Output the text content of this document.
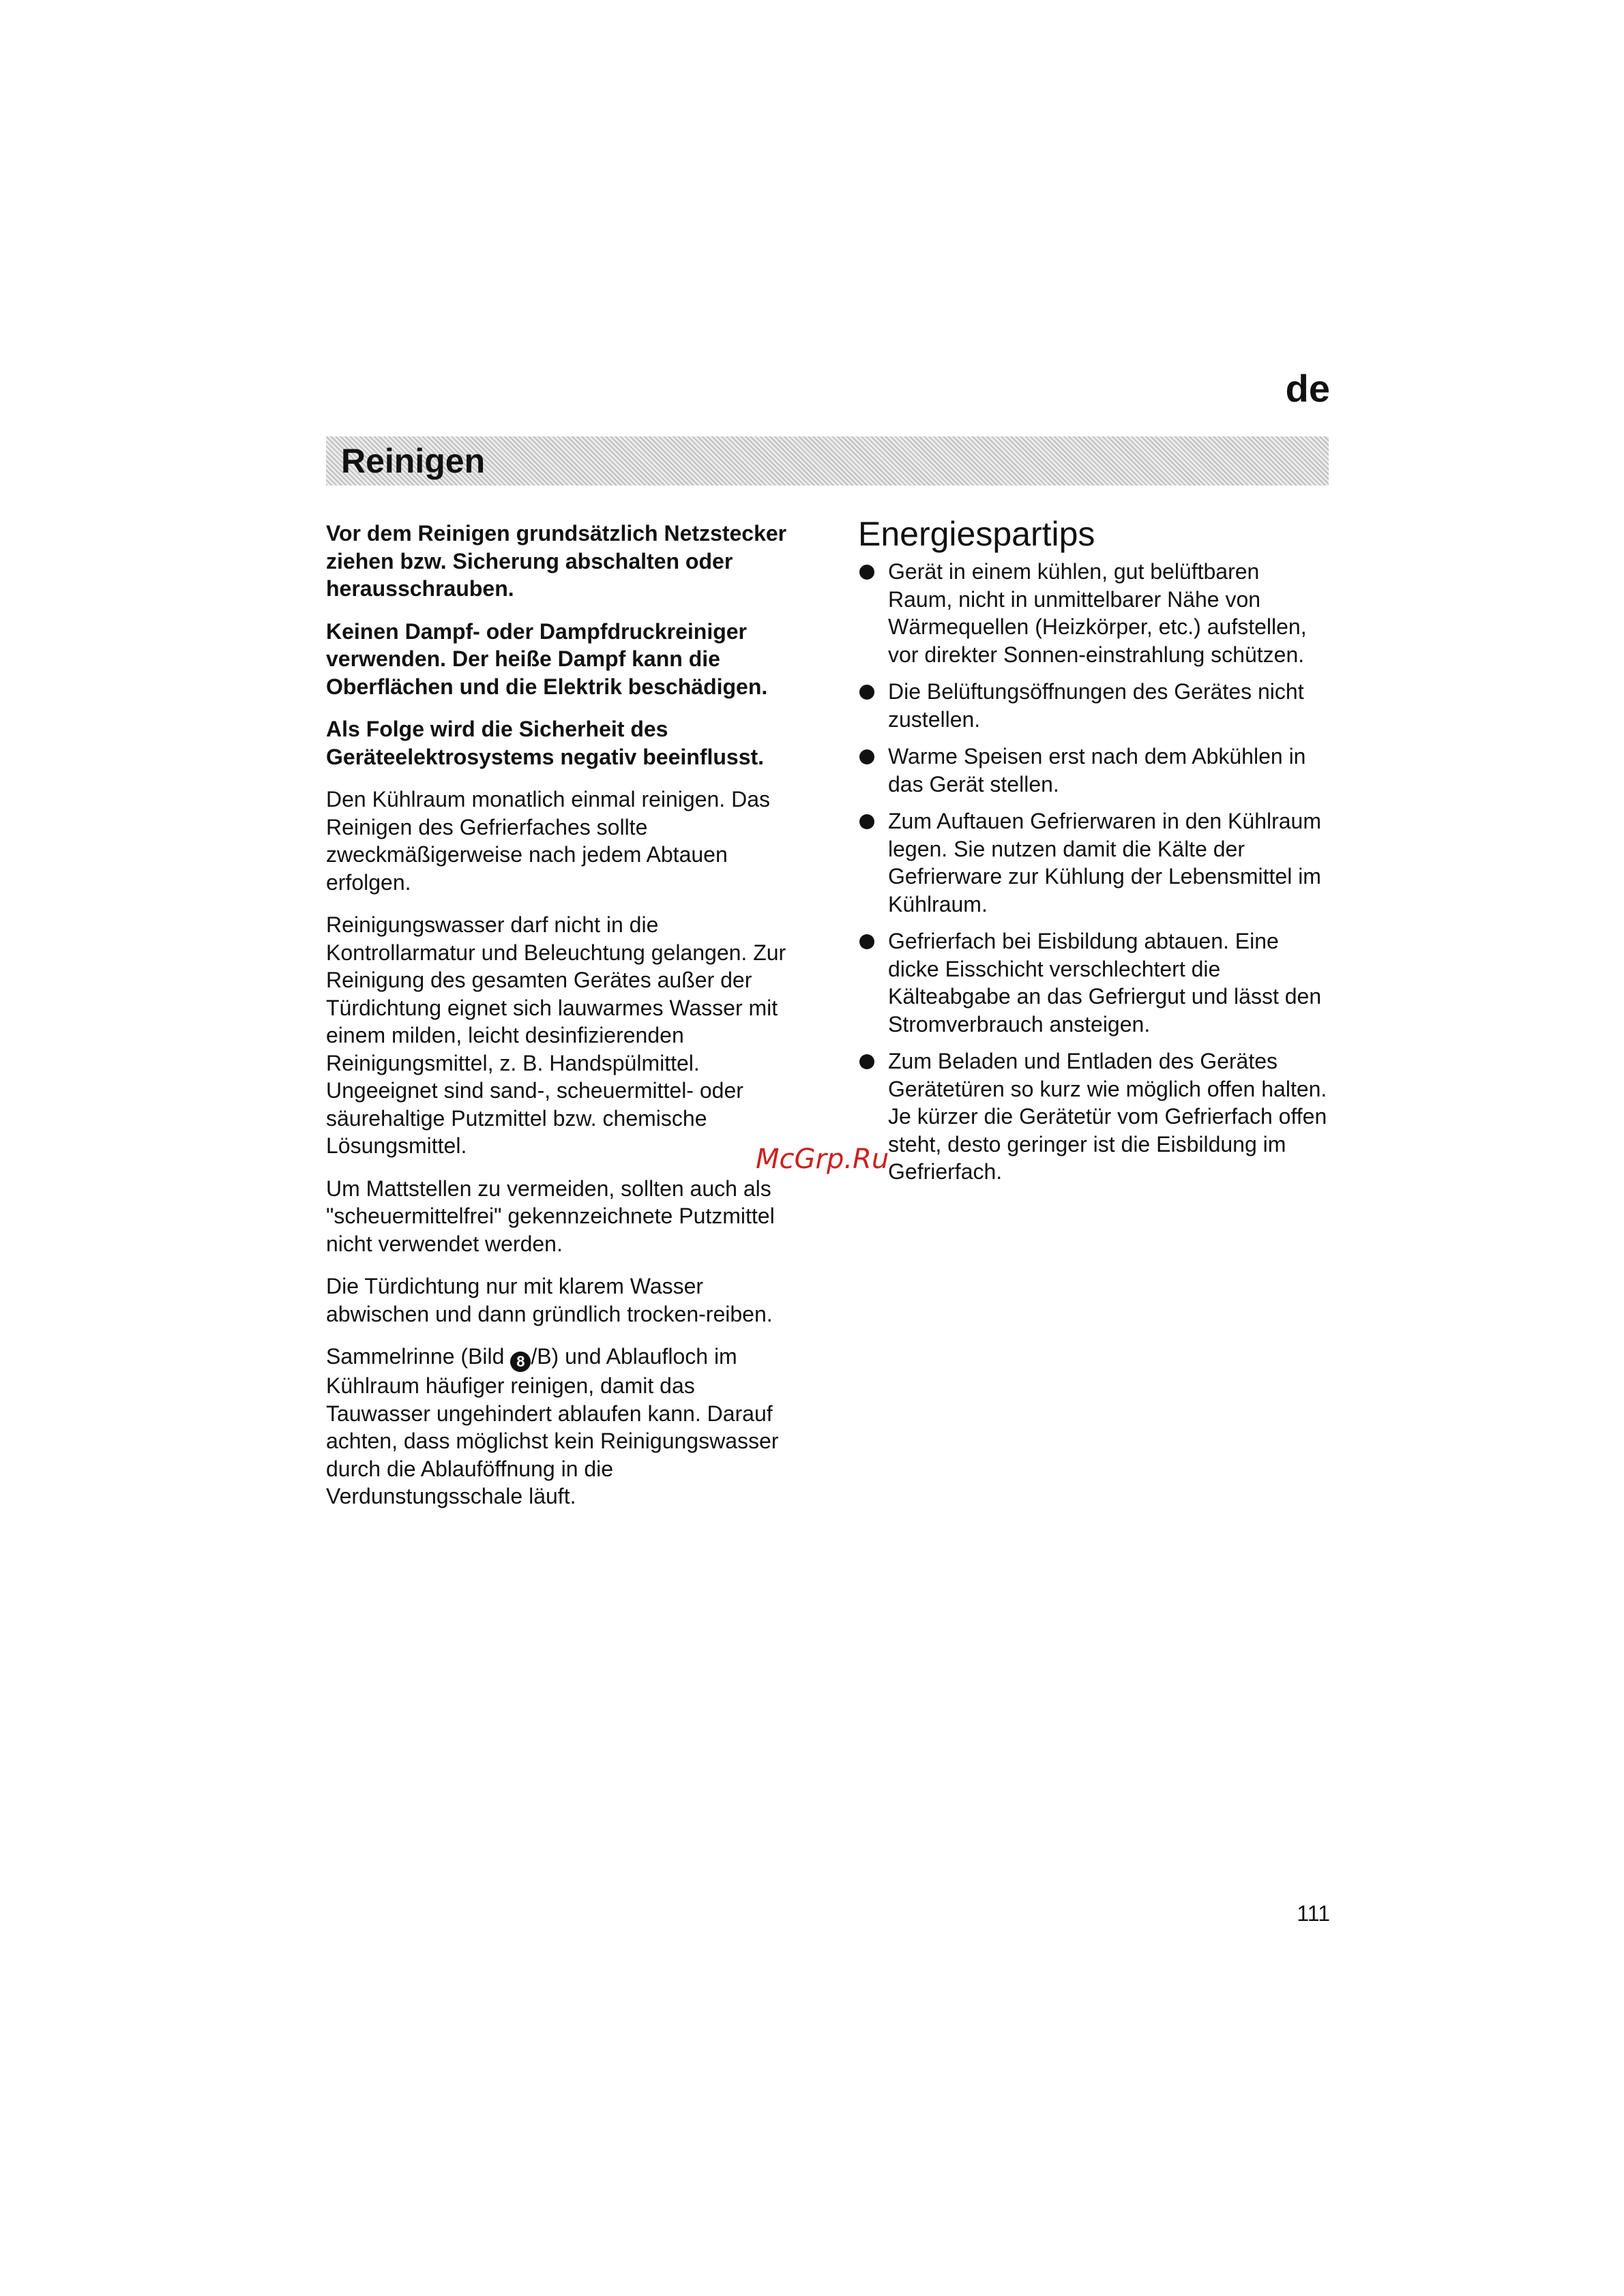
de
Reinigen

Vor dem Reinigen grundsätzlich Netzstecker ziehen bzw. Sicherung abschalten oder herausschrauben.

Keinen Dampf- oder Dampfdruckreiniger verwenden. Der heiße Dampf kann die Oberflächen und die Elektrik beschädigen.

Als Folge wird die Sicherheit des Geräteelektrosystems negativ beeinflusst.

Den Kühlraum monatlich einmal reinigen. Das Reinigen des Gefrierfaches sollte zweckmäßigerweise nach jedem Abtauen erfolgen.

Reinigungswasser darf nicht in die Kontrollarmatur und Beleuchtung gelangen. Zur Reinigung des gesamten Gerätes außer der Türdichtung eignet sich lauwarmes Wasser mit einem milden, leicht desinfizierenden Reinigungsmittel, z. B. Handspülmittel. Ungeeignet sind sand-, scheuermittel- oder säurehaltige Putzmittel bzw. chemische Lösungsmittel.

Um Mattstellen zu vermeiden, sollten auch als "scheuermittelfrei" gekennzeichnete Putzmittel nicht verwendet werden.

Die Türdichtung nur mit klarem Wasser abwischen und dann gründlich trocken-reiben.

Sammelrinne (Bild 8 /B) und Ablaufloch im Kühlraum häufiger reinigen, damit das Tauwasser ungehindert ablaufen kann. Darauf achten, dass möglichst kein Reinigungswasser durch die Ablauföffnung in die Verdunstungsschale läuft.

Energiespartips
Gerät in einem kühlen, gut belüftbaren Raum, nicht in unmittelbarer Nähe von Wärmequellen (Heizkörper, etc.) aufstellen, vor direkter Sonnen-einstrahlung schützen.
Die Belüftungsöffnungen des Gerätes nicht zustellen.
Warme Speisen erst nach dem Abkühlen in das Gerät stellen.
Zum Auftauen Gefrierwaren in den Kühlraum legen. Sie nutzen damit die Kälte der Gefrierware zur Kühlung der Lebensmittel im Kühlraum.
Gefrierfach bei Eisbildung abtauen. Eine dicke Eisschicht verschlechtert die Kälteabgabe an das Gefriergut und lässt den Stromverbrauch ansteigen.
Zum Beladen und Entladen des Gerätes Gerätetüren so kurz wie möglich offen halten. Je kürzer die Gerätetür vom Gefrierfach offen steht, desto geringer ist die Eisbildung im Gefrierfach.
McGrp.Ru
111
